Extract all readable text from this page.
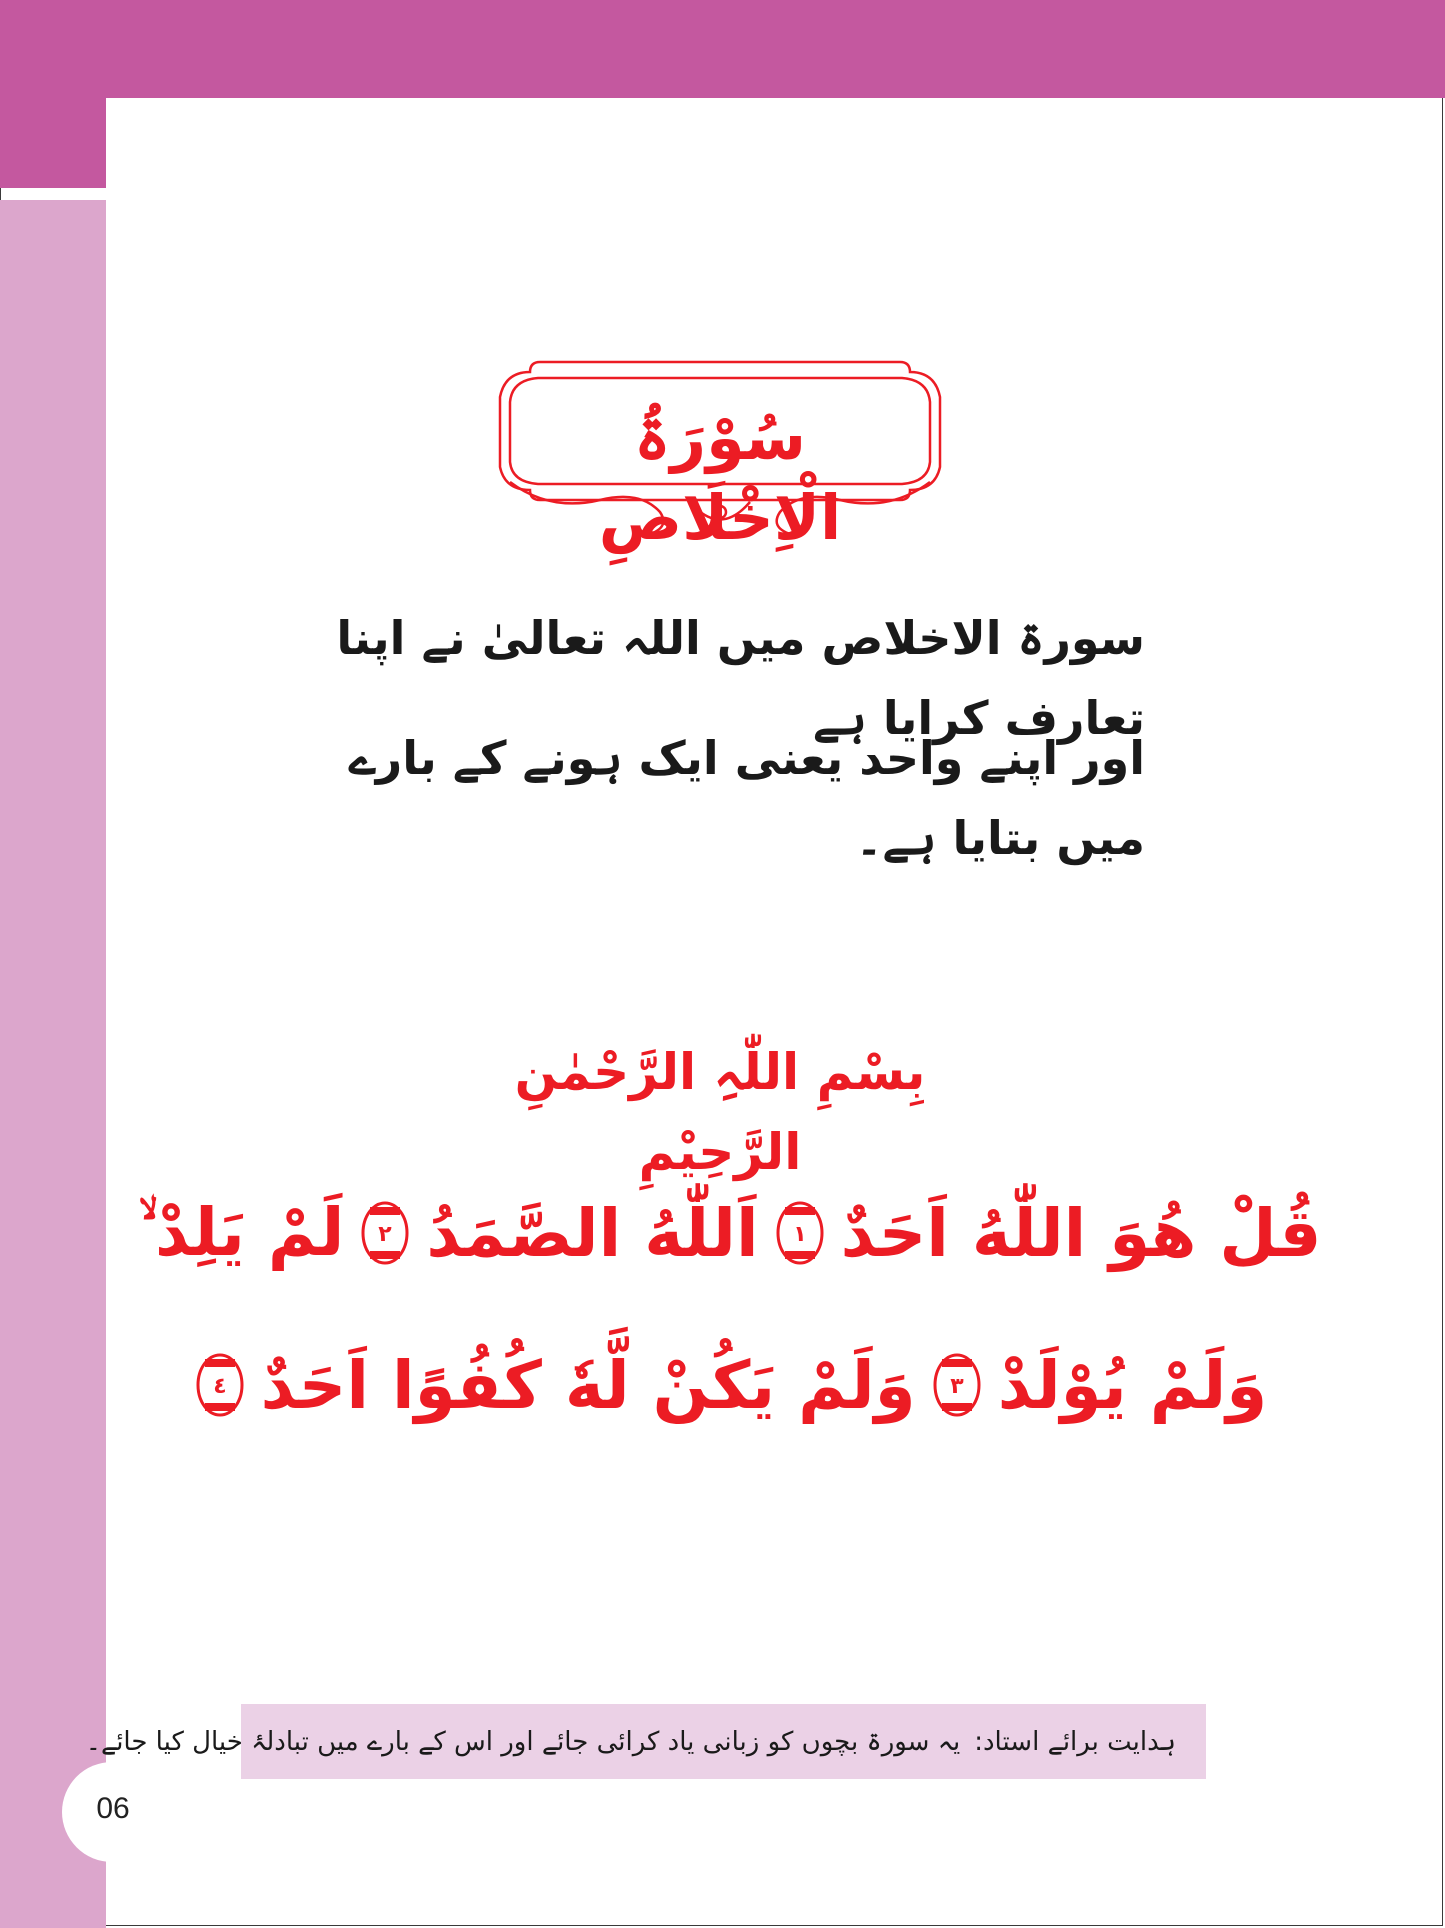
06
سُوْرَۃُ الْاِخْلَاصِ
سورۃ الاخلاص میں اللہ تعالیٰ نے اپنا تعارف کرایا ہے
اور اپنے واحد یعنی ایک ہونے کے بارے میں بتایا ہے۔
بِسْمِ اللّٰہِ الرَّحْمٰنِ الرَّحِیْمِ
قُلْ هُوَ اللّٰهُ اَحَدٌ
١
اَللّٰهُ الصَّمَدُ
٢
لَمْ يَلِدْ ۙ
وَلَمْ يُوْلَدْ
٣
وَلَمْ يَكُنْ لَّهٗ كُفُوًا اَحَدٌ
٤
ہدایت برائے استاد:
یہ سورۃ بچوں کو زبانی یاد کرائی جائے اور اس کے بارے میں تبادلۂ خیال کیا جائے۔
